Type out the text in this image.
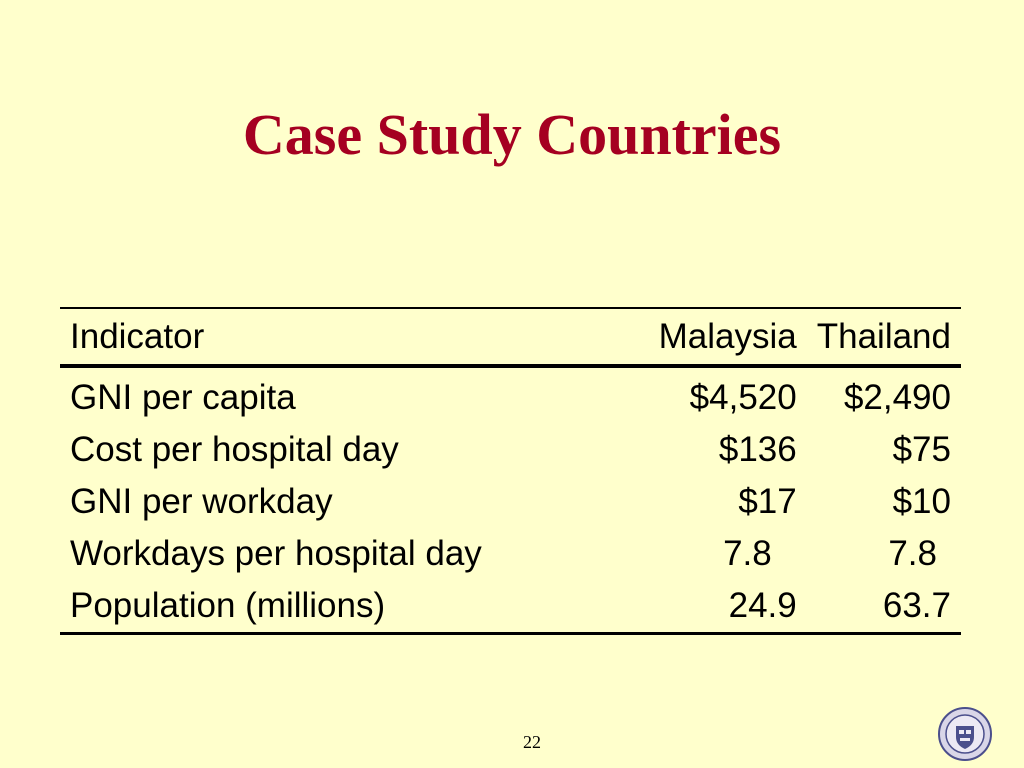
Case Study Countries
Indicator	Malaysia	Thailand
GNI per capita	$4,520	$2,490
Cost per hospital day	$136	$75
GNI per workday	$17	$10
Workdays per hospital day	7.8	7.8
Population (millions)	24.9	63.7
22
